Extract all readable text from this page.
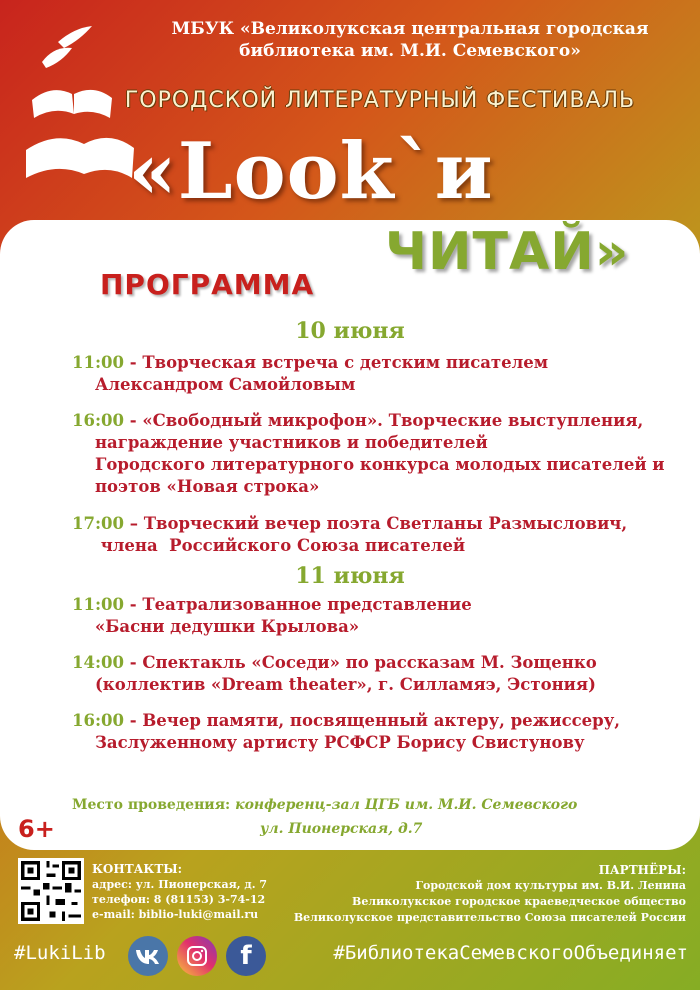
МБУК «Великолукская центральная городская
библиотека им. М.И. Семевского»
ГОРОДСКОЙ ЛИТЕРАТУРНЫЙ ФЕСТИВАЛЬ
«Look`и
ЧИТАЙ»
ПРОГРАММА
10 июня
11:00 - Творческая встреча с детским писателем
Александром Самойловым
16:00 - «Свободный микрофон». Творческие выступления,
награждение участников и победителей
Городского литературного конкурса молодых писателей и
поэтов «Новая строка»
17:00 – Творческий вечер поэта Светланы Размыслович,
члена  Российского Союза писателей
11 июня
11:00 - Театрализованное представление
«Басни дедушки Крылова»
14:00 - Спектакль «Соседи» по рассказам М. Зощенко
(коллектив «Dream theater», г. Силламяэ, Эстония)
16:00 - Вечер памяти, посвященный актеру, режиссеру,
Заслуженному артисту РСФСР Борису Свистунову
Место проведения: конференц-зал ЦГБ им. М.И. Семевского
ул. Пионерская, д.7
6+
КОНТАКТЫ:
адрес: ул. Пионерская, д. 7
телефон: 8 (81153) 3-74-12
e-mail: biblio-luki@mail.ru
ПАРТНЁРЫ:
Городской дом культуры им. В.И. Ленина
Великолукское городское краеведческое общество
Великолукское представительство Союза писателей России
#LukiLib	f	#БиблиотекаСемевскогоОбъединяет
